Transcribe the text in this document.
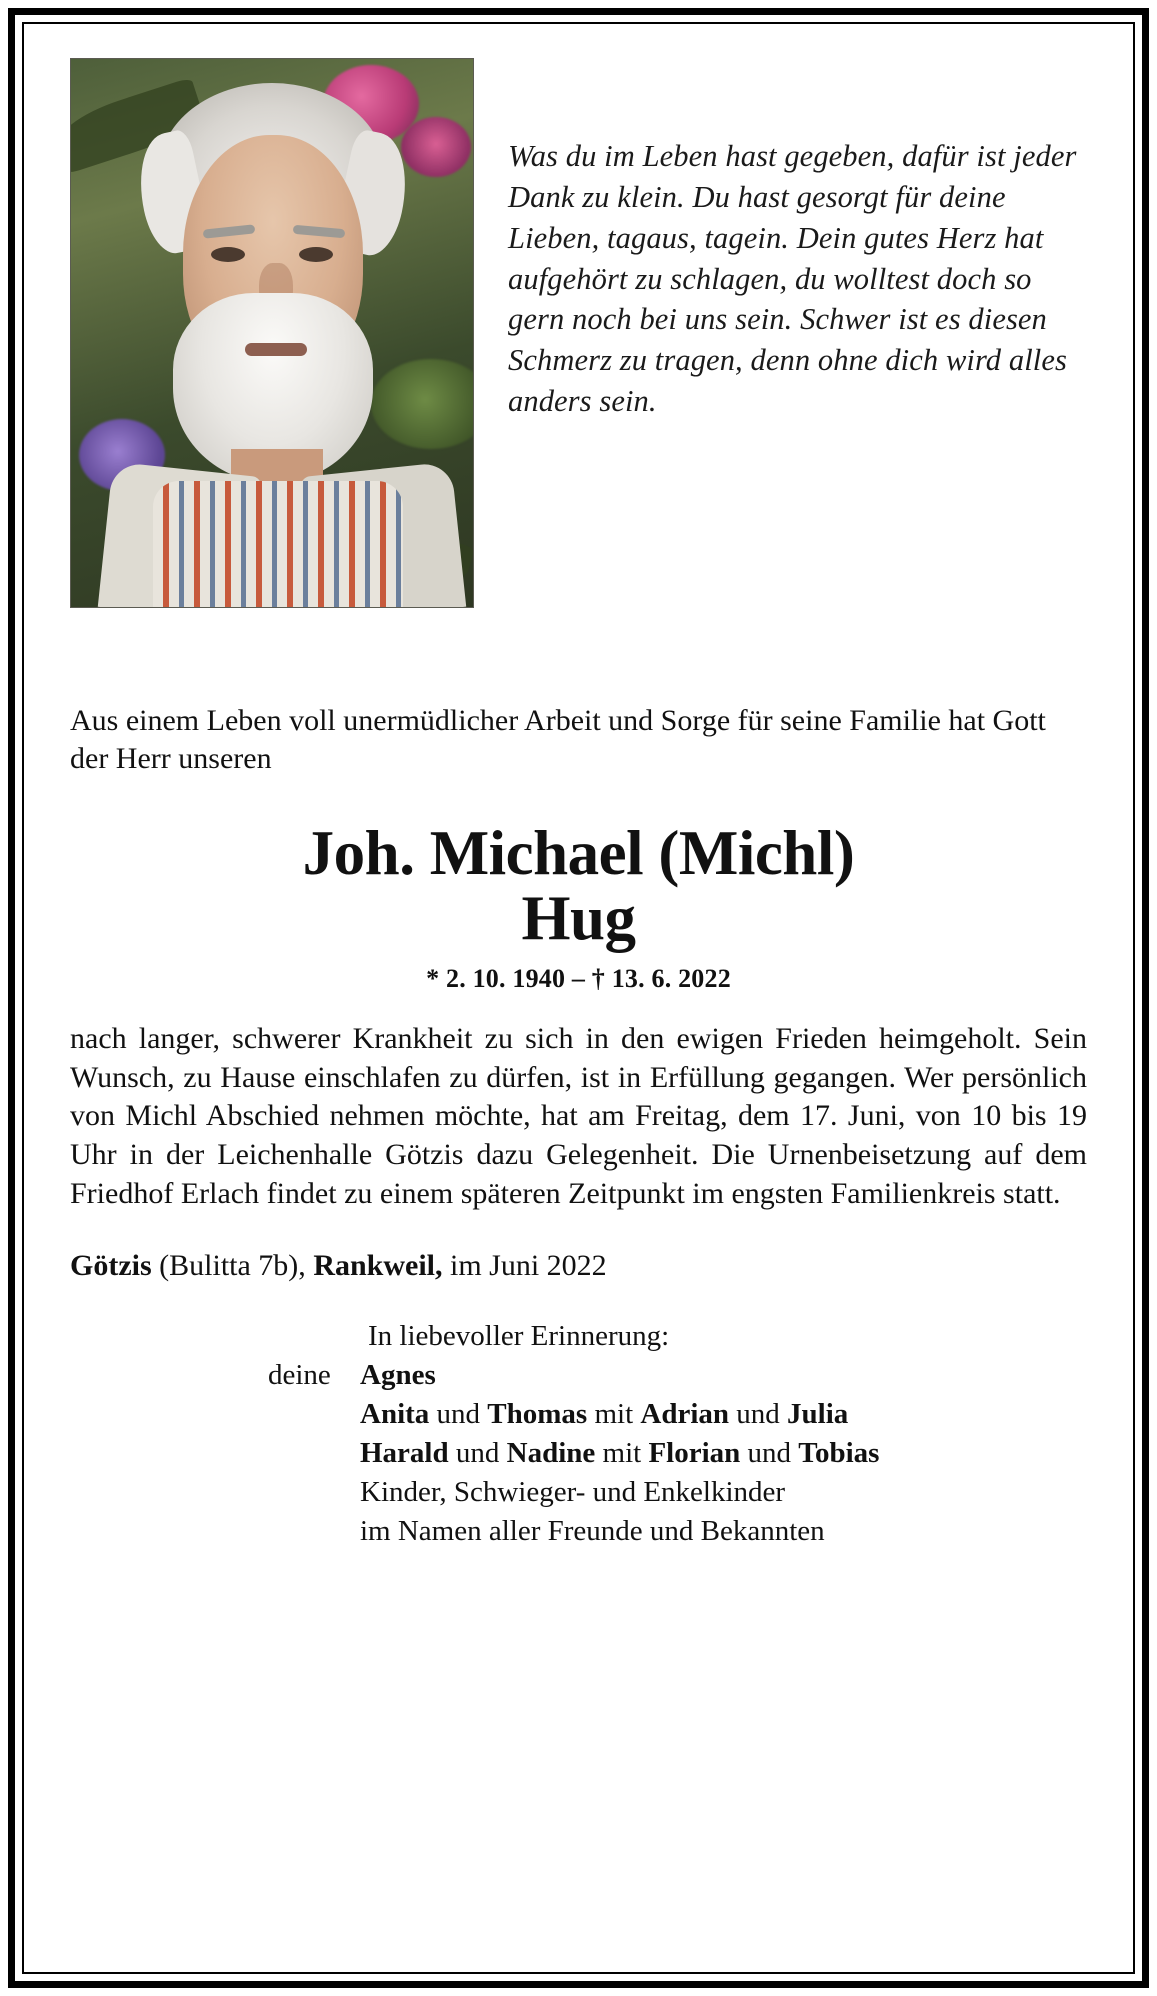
Was du im Leben hast gegeben, dafür ist jeder Dank zu klein. Du hast gesorgt für deine Lieben, tagaus, tagein. Dein gutes Herz hat aufgehört zu schlagen, du wolltest doch so gern noch bei uns sein. Schwer ist es diesen Schmerz zu tragen, denn ohne dich wird alles anders sein.
Aus einem Leben voll unermüdlicher Arbeit und Sorge für seine Familie hat Gott der Herr unseren
Joh. Michael (Michl)
Hug
* 2. 10. 1940 – † 13. 6. 2022
nach langer, schwerer Krankheit zu sich in den ewigen Frieden heimgeholt. Sein Wunsch, zu Hause einschlafen zu dürfen, ist in Erfüllung gegangen. Wer persönlich von Michl Abschied nehmen möchte, hat am Freitag, dem 17. Juni, von 10 bis 19 Uhr in der Leichenhalle Götzis dazu Gelegenheit. Die Urnenbeisetzung auf dem Friedhof Erlach findet zu einem späteren Zeitpunkt im engsten Familienkreis statt.
Götzis (Bulitta 7b), Rankweil, im Juni 2022
In liebevoller Erinnerung:
deine Agnes
Anita und Thomas mit Adrian und Julia
Harald und Nadine mit Florian und Tobias
Kinder, Schwieger- und Enkelkinder
im Namen aller Freunde und Bekannten
